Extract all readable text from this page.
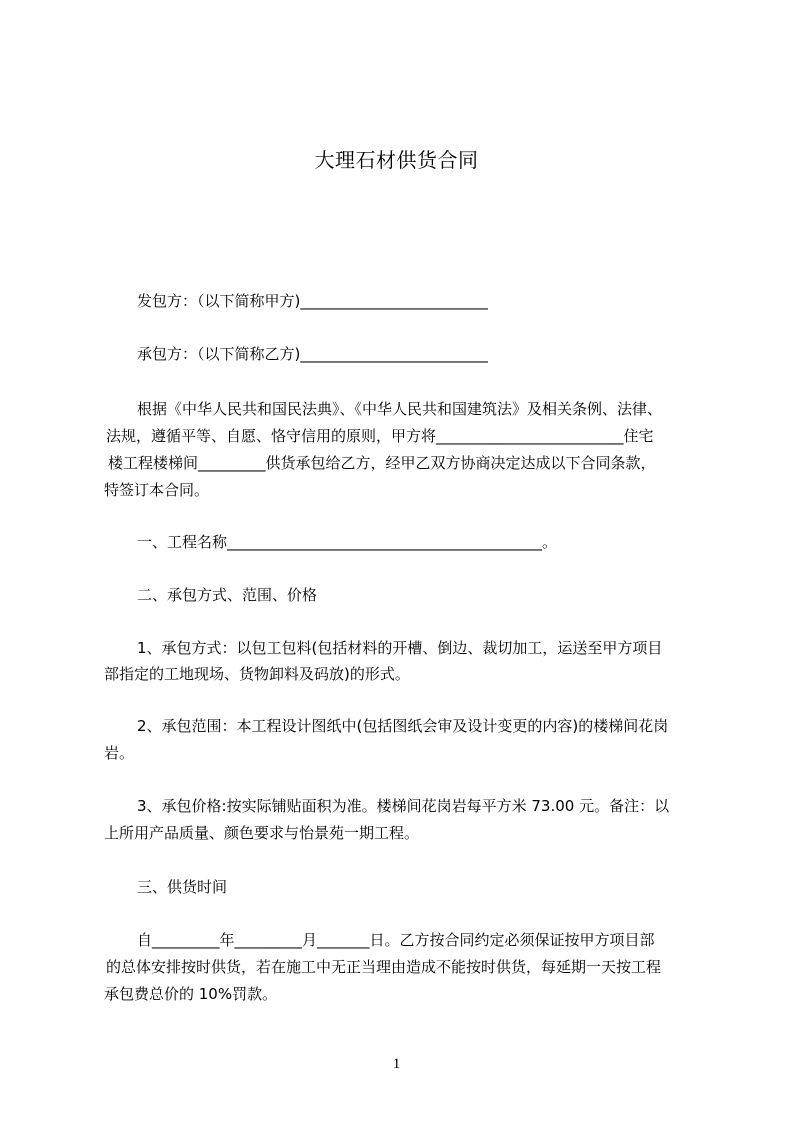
大理石材供货合同
发包方：（以下简称甲方)_________________________
承包方：（以下简称乙方)_________________________
根据《中华人民共和国民法典》、《中华人民共和国建筑法》及相关条例、法律、
法规，遵循平等、自愿、恪守信用的原则，甲方将_________________________住宅
楼工程楼梯间_________供货承包给乙方，经甲乙双方协商决定达成以下合同条款，
特签订本合同。
一、工程名称__________________________________________。
二、承包方式、范围、价格
1、承包方式：以包工包料(包括材料的开槽、倒边、裁切加工，运送至甲方项目
部指定的工地现场、货物卸料及码放)的形式。
2、承包范围：本工程设计图纸中(包括图纸会审及设计变更的内容)的楼梯间花岗
岩。
3、承包价格:按实际铺贴面积为准。楼梯间花岗岩每平方米 73.00 元。备注：以
上所用产品质量、颜色要求与怡景苑一期工程。
三、供货时间
自_________年_________月_______日。乙方按合同约定必须保证按甲方项目部
的总体安排按时供货，若在施工中无正当理由造成不能按时供货，每延期一天按工程
承包费总价的 10%罚款。
1
